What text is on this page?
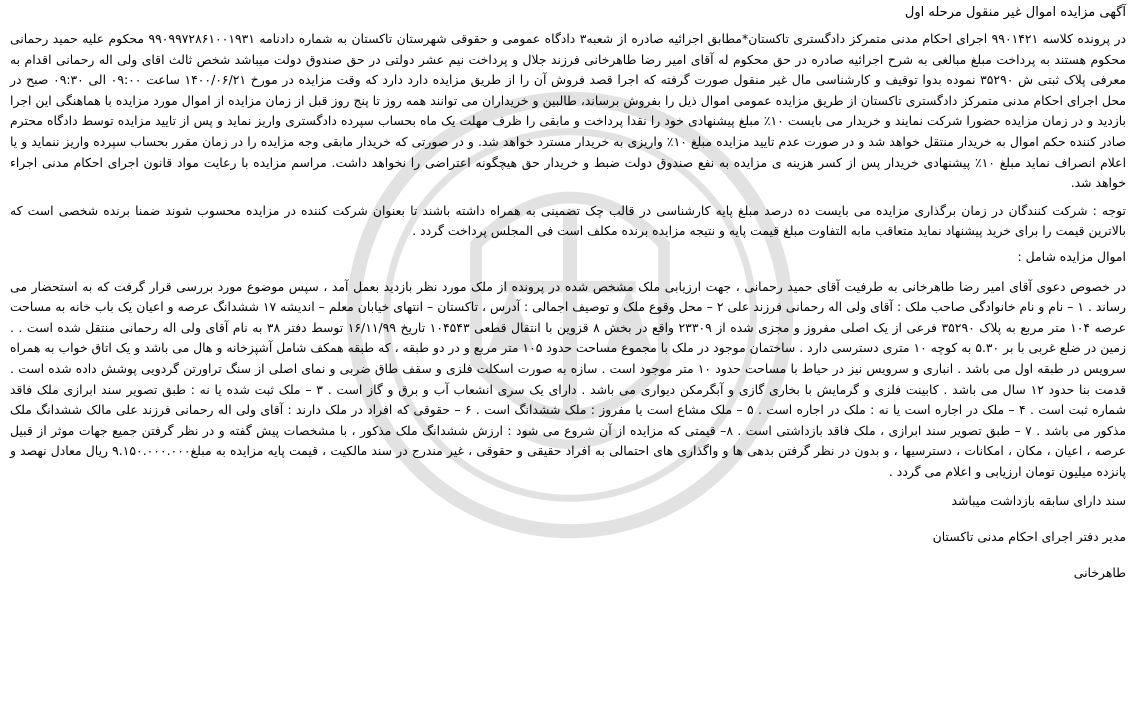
آگهی مزایده اموال غیر منقول مرحله اول

در پرونده کلاسه ۹۹۰۱۴۲۱ اجرای احکام مدنی متمرکز دادگستری تاکستان*مطابق اجرائیه صادره از شعبه۳ دادگاه عمومی و حقوقی شهرستان تاکستان به شماره دادنامه ۹۹۰۹۹۷۲۸۶۱۰۰۱۹۳۱ محکوم علیه حمید رحمانی محکوم هستند به پرداخت مبلغ مبالغی به شرح اجرائیه صادره در حق محکوم له آقای امیر رضا طاهرخانی فرزند جلال و پرداخت نیم عشر دولتی در حق صندوق دولت میباشد شخص ثالث اقای ولی اله رحمانی اقدام به معرفی پلاک ثبتی ش ۳۵۲۹۰ نموده بدوا توقیف و کارشناسی مال غیر منقول صورت گرفته که اجرا قصد فروش آن را از طریق مزایده دارد دارد که وقت مزایده در مورخ ۱۴۰۰/۰۶/۲۱ ساعت ۰۹:۰۰ الی ۰۹:۳۰ صبح در محل اجرای احکام مدنی متمرکز دادگستری تاکستان از طریق مزایده عمومی اموال ذیل را بفروش برساند، طالبین و خریداران می توانند همه روز تا پنج روز قبل از زمان مزایده از اموال مورد مزایده با هماهنگی این اجرا بازدید و در زمان مزایده حضورا شرکت نمایند و خریدار می بایست ۱۰٪ مبلغ پیشنهادی خود را نقدا پرداخت و مابقی را ظرف مهلت یک ماه بحساب سپرده دادگستری واریز نماید و پس از تایید مزایده توسط دادگاه محترم صادر کننده حکم اموال به خریدار منتقل خواهد شد و در صورت عدم تایید مزایده مبلغ ۱۰٪ واریزی به خریدار مسترد خواهد شد. و در صورتی که خریدار مابقی وجه مزایده را در زمان مقرر بحساب سپرده واریز ننماید و یا اعلام انصراف نماید مبلغ ۱۰٪ پیشنهادی خریدار پس از کسر هزینه ی مزایده به نفع صندوق دولت ضبط و خریدار حق هیچگونه اعتراضی را نخواهد داشت. مراسم مزایده با رعایت مواد قانون اجرای احکام مدنی اجراء خواهد شد.

توجه : شرکت کنندگان در زمان برگذاری مزایده می بایست ده درصد مبلغ پایه کارشناسی در قالب چک تضمینی به همراه داشته باشند تا بعنوان شرکت کننده در مزایده محسوب شوند ضمنا برنده شخصی است که بالاترین قیمت را برای خرید پیشنهاد نماید متعاقب مابه التفاوت مبلغ قیمت پایه و نتیجه مزایده برنده مکلف است فی المجلس پرداخت گردد .

اموال مزایده شامل :

در خصوص دعوی آقای امیر رضا طاهرخانی به طرفیت آقای حمید رحمانی ، جهت ارزیابی ملک مشخص شده در پرونده از ملک مورد نظر بازدید بعمل آمد ، سپس موضوع مورد بررسی قرار گرفت که به استحضار می رساند . ۱ – نام و نام خانوادگی صاحب ملک : آقای ولی اله رحمانی فرزند علی ۲ – محل وقوع ملک و توصیف اجمالی : آدرس ، تاکستان – انتهای خیابان معلم – اندیشه ۱۷ ششدانگ عرصه و اعیان یک باب خانه به مساحت عرصه ۱۰۴ متر مربع به پلاک ۳۵۲۹۰ فرعی از یک اصلی مفروز و مجزی شده از ۲۳۳۰۹ واقع در بخش ۸ قزوین با انتقال قطعی ۱۰۴۵۴۳ تاریخ ۱۶/۱۱/۹۹ توسط دفتر ۳۸ به نام آقای ولی اله رحمانی منتقل شده است . . زمین در ضلع غربی با بر ۵.۳۰ به کوچه ۱۰ متری دسترسی دارد . ساختمان موجود در ملک با مجموع مساحت حدود ۱۰۵ متر مربع و در دو طبقه ، که طبقه همکف شامل آشپزخانه و هال می باشد و یک اتاق خواب به همراه سرویس در طبقه اول می باشد . انباری و سرویس نیز در حیاط با مساحت حدود ۱۰ متر موجود است . سازه به صورت اسکلت فلزی و سقف طاق ضربی و نمای اصلی از سنگ تراورتن گردویی پوشش داده شده است . قدمت بنا حدود ۱۲ سال می باشد . کابینت فلزی و گرمایش با بخاری گازی و آبگرمکن دیواری می باشد . دارای یک سری انشعاب آب و برق و گاز است . ۳ – ملک ثبت شده یا نه : طبق تصویر سند ابرازی ملک فاقد شماره ثبت است . ۴ – ملک در اجاره است یا نه : ملک در اجاره است . ۵ – ملک مشاع است یا مفروز : ملک ششدانگ است . ۶ – حقوقی که افراد در ملک دارند : آقای ولی اله رحمانی فرزند علی مالک ششدانگ ملک مذکور می باشد . ۷ – طبق تصویر سند ابرازی ، ملک فاقد بازداشتی است . ۸– قیمتی که مزایده از آن شروع می شود : ارزش ششدانگ ملک مذکور ، با مشخصات پیش گفته و در نظر گرفتن جمیع جهات موثر از قبیل عرصه ، اعیان ، مکان ، امکانات ، دسترسیها ، و بدون در نظر گرفتن بدهی ها و واگذاری های احتمالی به افراد حقیقی و حقوقی ، غیر مندرج در سند مالکیت ، قیمت پایه مزایده به مبلغ۹.۱۵۰.۰۰۰.۰۰۰ ریال معادل نهصد و پانزده میلیون تومان ارزیابی و اعلام می گردد .

سند دارای سابقه بازداشت میباشد

مدیر دفتر اجرای احکام مدنی تاکستان

طاهرخانی
